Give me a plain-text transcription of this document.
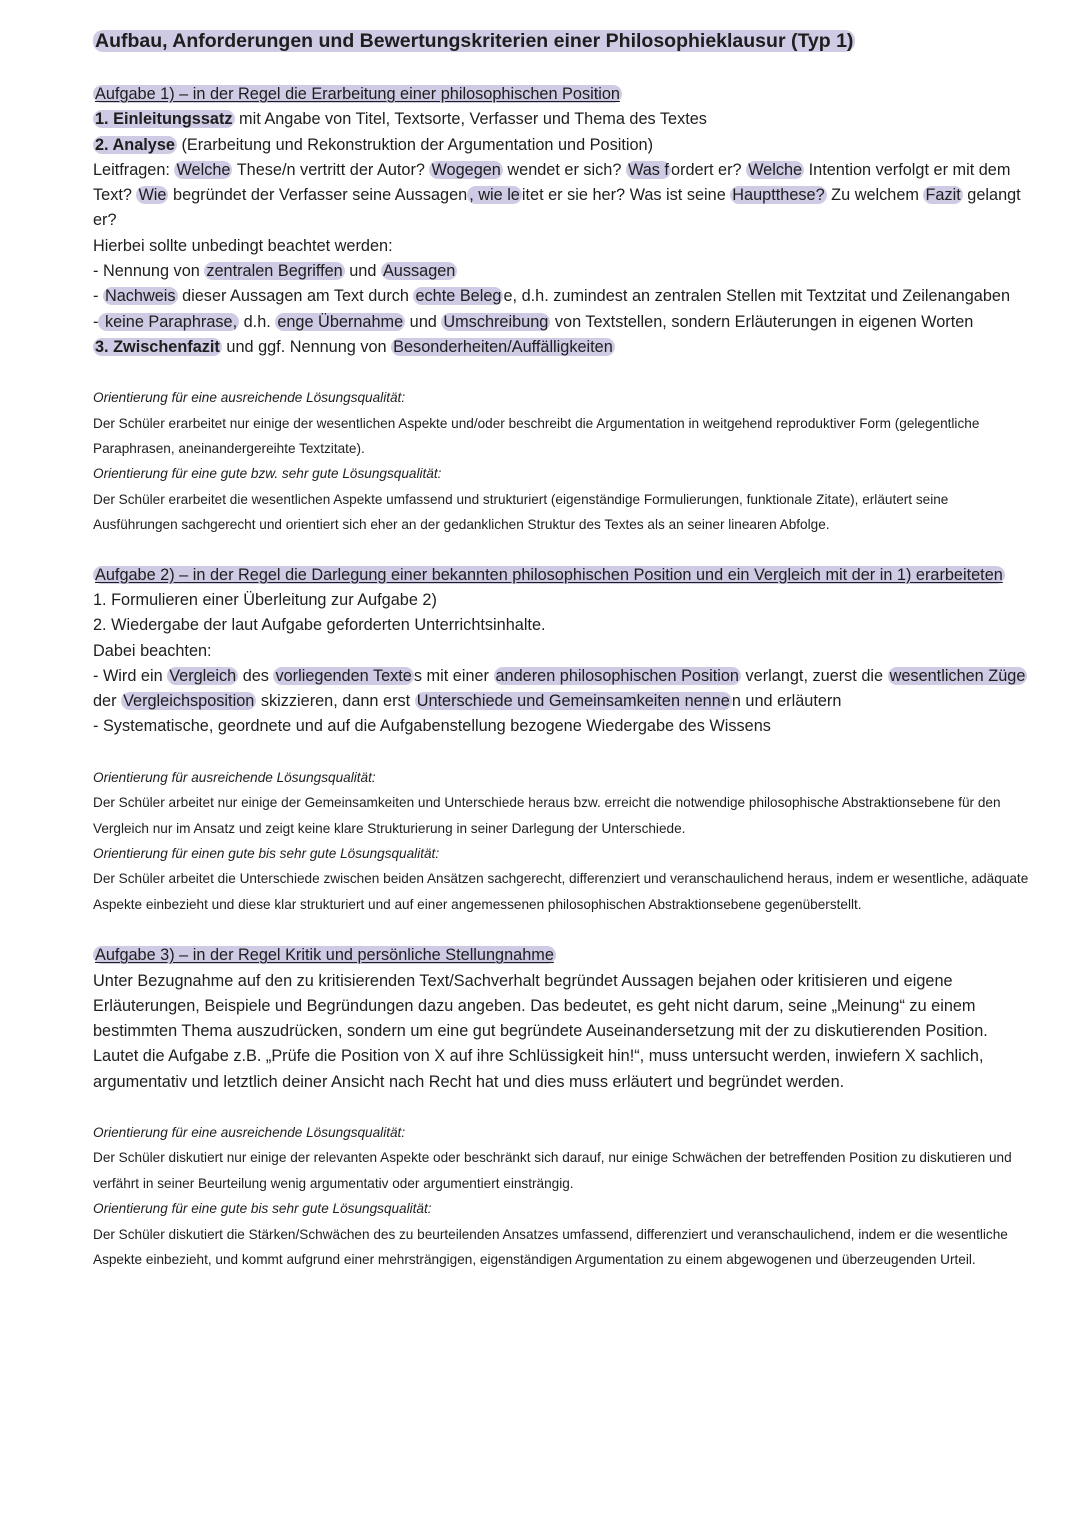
Aufbau, Anforderungen und Bewertungskriterien einer Philosophieklausur (Typ 1)

Aufgabe 1) – in der Regel die Erarbeitung einer philosophischen Position

1. Einleitungssatz mit Angabe von Titel, Textsorte, Verfasser und Thema des Textes

2. Analyse (Erarbeitung und Rekonstruktion der Argumentation und Position)

Leitfragen: Welche These/n vertritt der Autor? Wogegen wendet er sich? Was f ordert er? Welche Intention verfolgt er mit dem Text? Wie begründet der Verfasser seine Aussagen , wie le itet er sie her? Was ist seine Hauptthese? Zu welchem Fazit gelangt er?

Hierbei sollte unbedingt beachtet werden:

- Nennung von zentralen Begriffen und Aussagen

- Nachweis dieser Aussagen am Text durch echte Beleg e, d.h. zumindest an zentralen Stellen mit Textzitat und Zeilenangaben

- keine Paraphrase, d.h. enge Übernahme und Umschreibung von Textstellen, sondern Erläuterungen in eigenen Worten

3. Zwischenfazit und ggf. Nennung von Besonderheiten/Auffälligkeiten

Orientierung für eine ausreichende Lösungsqualität:

Der Schüler erarbeitet nur einige der wesentlichen Aspekte und/oder beschreibt die Argumentation in weitgehend reproduktiver Form (gelegentliche Paraphrasen, aneinandergereihte Textzitate).

Orientierung für eine gute bzw. sehr gute Lösungsqualität:

Der Schüler erarbeitet die wesentlichen Aspekte umfassend und strukturiert (eigenständige Formulierungen, funktionale Zitate), erläutert seine Ausführungen sachgerecht und orientiert sich eher an der gedanklichen Struktur des Textes als an seiner linearen Abfolge.

Aufgabe 2) – in der Regel die Darlegung einer bekannten philosophischen Position und ein Vergleich mit der in 1) erarbeiteten

1. Formulieren einer Überleitung zur Aufgabe 2)

2. Wiedergabe der laut Aufgabe geforderten Unterrichtsinhalte.

Dabei beachten:

- Wird ein Vergleich des vorliegenden Texte s mit einer anderen philosophischen Position verlangt, zuerst die wesentlichen Züge der Vergleichsposition skizzieren, dann erst Unterschiede und Gemeinsamkeiten nenne n und erläutern

- Systematische, geordnete und auf die Aufgabenstellung bezogene Wiedergabe des Wissens

Orientierung für ausreichende Lösungsqualität:

Der Schüler arbeitet nur einige der Gemeinsamkeiten und Unterschiede heraus bzw. erreicht die notwendige philosophische Abstraktionsebene für den Vergleich nur im Ansatz und zeigt keine klare Strukturierung in seiner Darlegung der Unterschiede.

Orientierung für einen gute bis sehr gute Lösungsqualität:

Der Schüler arbeitet die Unterschiede zwischen beiden Ansätzen sachgerecht, differenziert und veranschaulichend heraus, indem er wesentliche, adäquate Aspekte einbezieht und diese klar strukturiert und auf einer angemessenen philosophischen Abstraktionsebene gegenüberstellt.

Aufgabe 3) – in der Regel Kritik und persönliche Stellungnahme

Unter Bezugnahme auf den zu kritisierenden Text/Sachverhalt begründet Aussagen bejahen oder kritisieren und eigene Erläuterungen, Beispiele und Begründungen dazu angeben. Das bedeutet, es geht nicht darum, seine „Meinung“ zu einem bestimmten Thema auszudrücken, sondern um eine gut begründete Auseinandersetzung mit der zu diskutierenden Position.

Lautet die Aufgabe z.B. „Prüfe die Position von X auf ihre Schlüssigkeit hin!“, muss untersucht werden, inwiefern X sachlich, argumentativ und letztlich deiner Ansicht nach Recht hat und dies muss erläutert und begründet werden.

Orientierung für eine ausreichende Lösungsqualität:

Der Schüler diskutiert nur einige der relevanten Aspekte oder beschränkt sich darauf, nur einige Schwächen der betreffenden Position zu diskutieren und verfährt in seiner Beurteilung wenig argumentativ oder argumentiert einsträngig.

Orientierung für eine gute bis sehr gute Lösungsqualität:

Der Schüler diskutiert die Stärken/Schwächen des zu beurteilenden Ansatzes umfassend, differenziert und veranschaulichend, indem er die wesentliche Aspekte einbezieht, und kommt aufgrund einer mehrsträngigen, eigenständigen Argumentation zu einem abgewogenen und überzeugenden Urteil.
